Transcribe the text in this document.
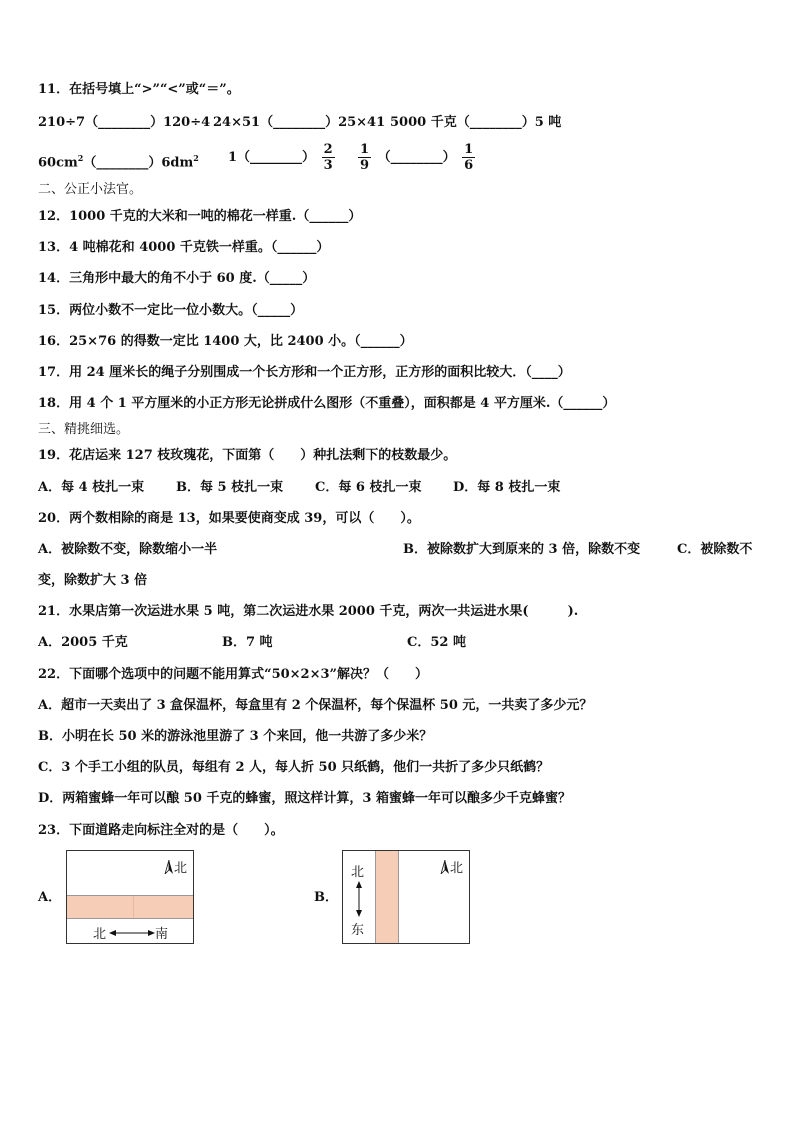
11．在括号填上“>”“<”或“＝”。
210÷7（________）120÷4 24×51（________）25×41 5000 千克（________）5 吨
$60cm^2(\_\_\_\_\_\_\_\_)6dm^2$ 1（________） $\frac{2}{3} \frac{1}{9}$ （________） $\frac{1}{6}$
二、公正小法官。
12．1000 千克的大米和一吨的棉花一样重.（______）
13．4 吨棉花和 4000 千克铁一样重。（______）
14．三角形中最大的角不小于 60 度.（_____）
15．两位小数不一定比一位小数大。（_____）
16．25×76 的得数一定比 1400 大，比 2400 小。（______）
17．用 24 厘米长的绳子分别围成一个长方形和一个正方形，正方形的面积比较大．（____）
18．用 4 个 1 平方厘米的小正方形无论拼成什么图形（不重叠），面积都是 4 平方厘米.（______）
三、精挑细选。
19．花店运来 127 枝玫瑰花，下面第（　　）种扎法剩下的枝数最少。
A．每 4 枝扎一束 B．每 5 枝扎一束 C．每 6 枝扎一束 D．每 8 枝扎一束
20．两个数相除的商是 13，如果要使商变成 39，可以（　　）。
A．被除数不变，除数缩小一半	B．被除数扩大到原来的 3 倍，除数不变	C．被除数不
变，除数扩大 3 倍
21．水果店第一次运进水果 5 吨，第二次运进水果 2000 千克，两次一共运进水果(　　　).
A．2005 千克	B．7 吨	C．52 吨
22．下面哪个选项中的问题不能用算式“50×2×3”解决？（　　）
A．超市一天卖出了 3 盒保温杯，每盒里有 2 个保温杯，每个保温杯 50 元，一共卖了多少元？
B．小明在长 50 米的游泳池里游了 3 个来回，他一共游了多少米？
C．3 个手工小组的队员，每组有 2 人，每人折 50 只纸鹤，他们一共折了多少只纸鹤？
D．两箱蜜蜂一年可以酿 50 千克的蜂蜜，照这样计算，3 箱蜜蜂一年可以酿多少千克蜂蜜？
23．下面道路走向标注全对的是（　　）。
A．
北
北	南
B．
北
北
东
